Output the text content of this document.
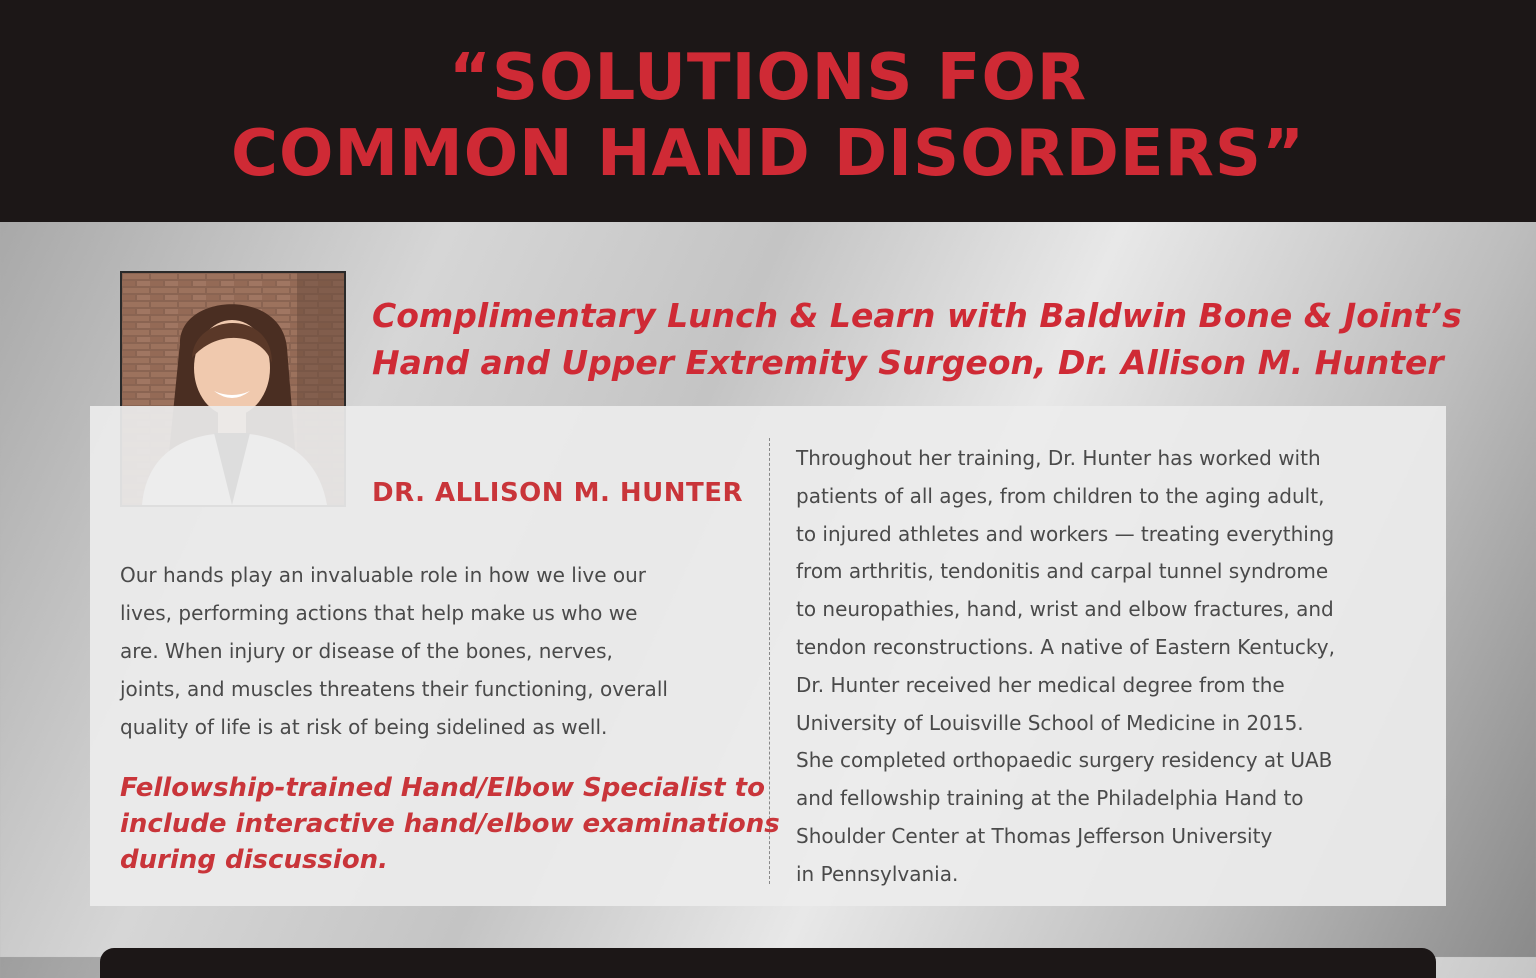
“SOLUTIONS FOR
COMMON HAND DISORDERS”
Complimentary Lunch & Learn with Baldwin Bone & Joint’s
Hand and Upper Extremity Surgeon, Dr. Allison M. Hunter
DR. ALLISON M. HUNTER

Our hands play an invaluable role in how we live our
lives, performing actions that help make us who we
are. When injury or disease of the bones, nerves,
joints, and muscles threatens their functioning, overall
quality of life is at risk of being sidelined as well.

Fellowship-trained Hand/Elbow Specialist to
include interactive hand/elbow examinations
during discussion.

Throughout her training, Dr. Hunter has worked with
patients of all ages, from children to the aging adult,
to injured athletes and workers — treating everything
from arthritis, tendonitis and carpal tunnel syndrome
to neuropathies, hand, wrist and elbow fractures, and
tendon reconstructions. A native of Eastern Kentucky,
Dr. Hunter received her medical degree from the
University of Louisville School of Medicine in 2015.
She completed orthopaedic surgery residency at UAB
and fellowship training at the Philadelphia Hand to
Shoulder Center at Thomas Jefferson University
in Pennsylvania.
